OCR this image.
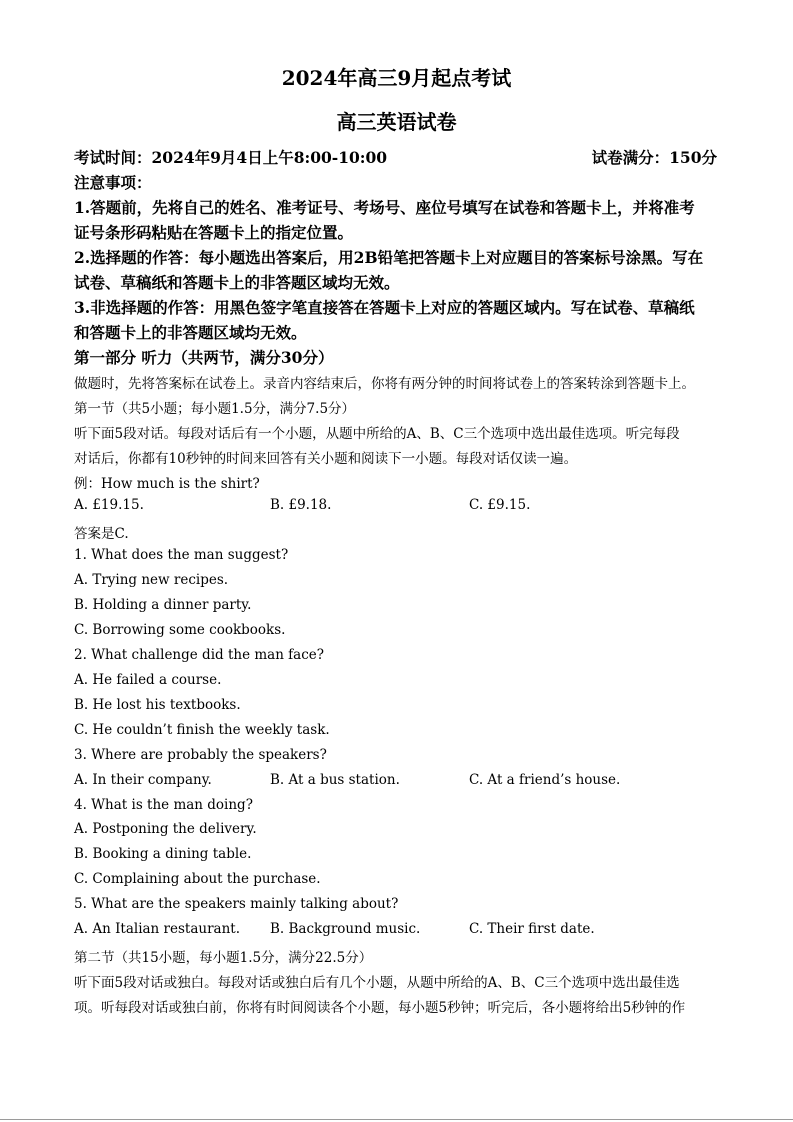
2024年高三9月起点考试
高三英语试卷
考试时间：2024年9月4日上午8:00-10:00	试卷满分：150分
注意事项：
1.答题前，先将自己的姓名、准考证号、考场号、座位号填写在试卷和答题卡上，并将准考
证号条形码粘贴在答题卡上的指定位置。
2.选择题的作答：每小题选出答案后，用2B铅笔把答题卡上对应题目的答案标号涂黑。写在
试卷、草稿纸和答题卡上的非答题区域均无效。
3.非选择题的作答：用黑色签字笔直接答在答题卡上对应的答题区域内。写在试卷、草稿纸
和答题卡上的非答题区域均无效。
第一部分 听力（共两节，满分30分）
做题时，先将答案标在试卷上。录音内容结束后，你将有两分钟的时间将试卷上的答案转涂到答题卡上。
第一节（共5小题；每小题1.5分，满分7.5分）
听下面5段对话。每段对话后有一个小题，从题中所给的A、B、C三个选项中选出最佳选项。听完每段
对话后，你都有10秒钟的时间来回答有关小题和阅读下一小题。每段对话仅读一遍。
例：How much is the shirt?
A. £19.15.	B. £9.18.	C. £9.15.
答案是C.
1. What does the man suggest?
A. Trying new recipes.
B. Holding a dinner party.
C. Borrowing some cookbooks.
2. What challenge did the man face?
A. He failed a course.
B. He lost his textbooks.
C. He couldn’t finish the weekly task.
3. Where are probably the speakers?
A. In their company.	B. At a bus station.	C. At a friend’s house.
4. What is the man doing?
A. Postponing the delivery.
B. Booking a dining table.
C. Complaining about the purchase.
5. What are the speakers mainly talking about?
A. An Italian restaurant.	B. Background music.	C. Their first date.
第二节（共15小题，每小题1.5分，满分22.5分）
听下面5段对话或独白。每段对话或独白后有几个小题，从题中所给的A、B、C三个选项中选出最佳选
项。听每段对话或独白前，你将有时间阅读各个小题，每小题5秒钟；听完后，各小题将给出5秒钟的作
